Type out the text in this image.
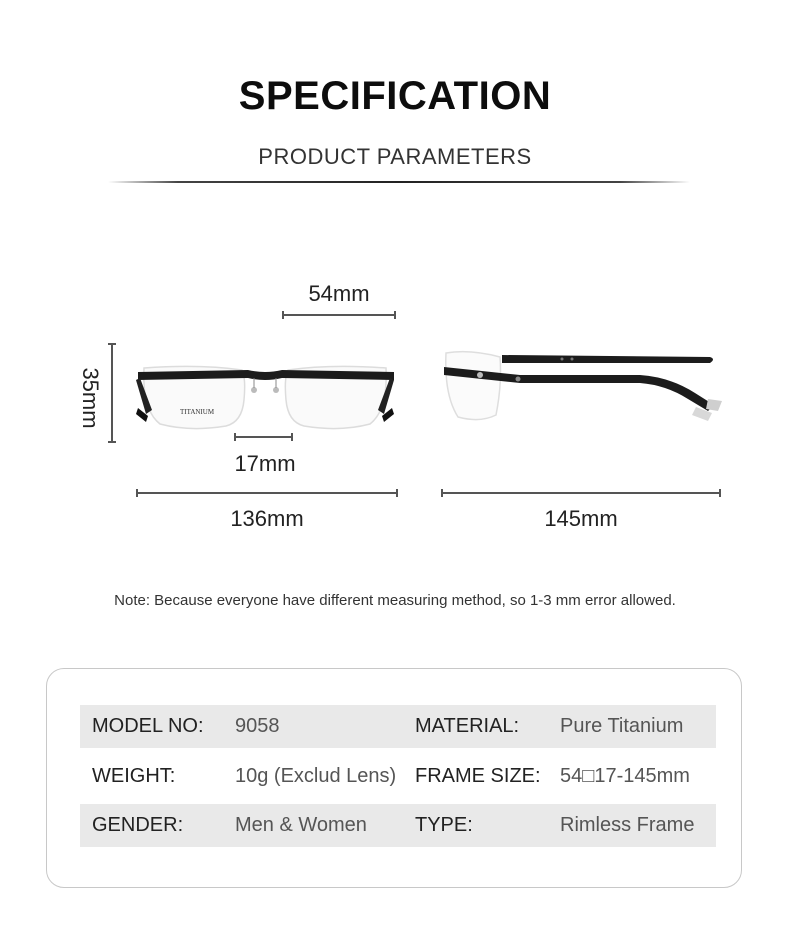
SPECIFICATION
PRODUCT PARAMETERS
54mm
35mm	TITANIUM
17mm
136mm	145mm
Note: Because everyone have different measuring method, so 1-3 mm error allowed.
MODEL NO: 9058	MATERIAL: Pure Titanium
WEIGHT:	10g (Exclud Lens) FRAME SIZE: 54□17-145mm
GENDER:	Men & Women TYPE:	Rimless Frame
